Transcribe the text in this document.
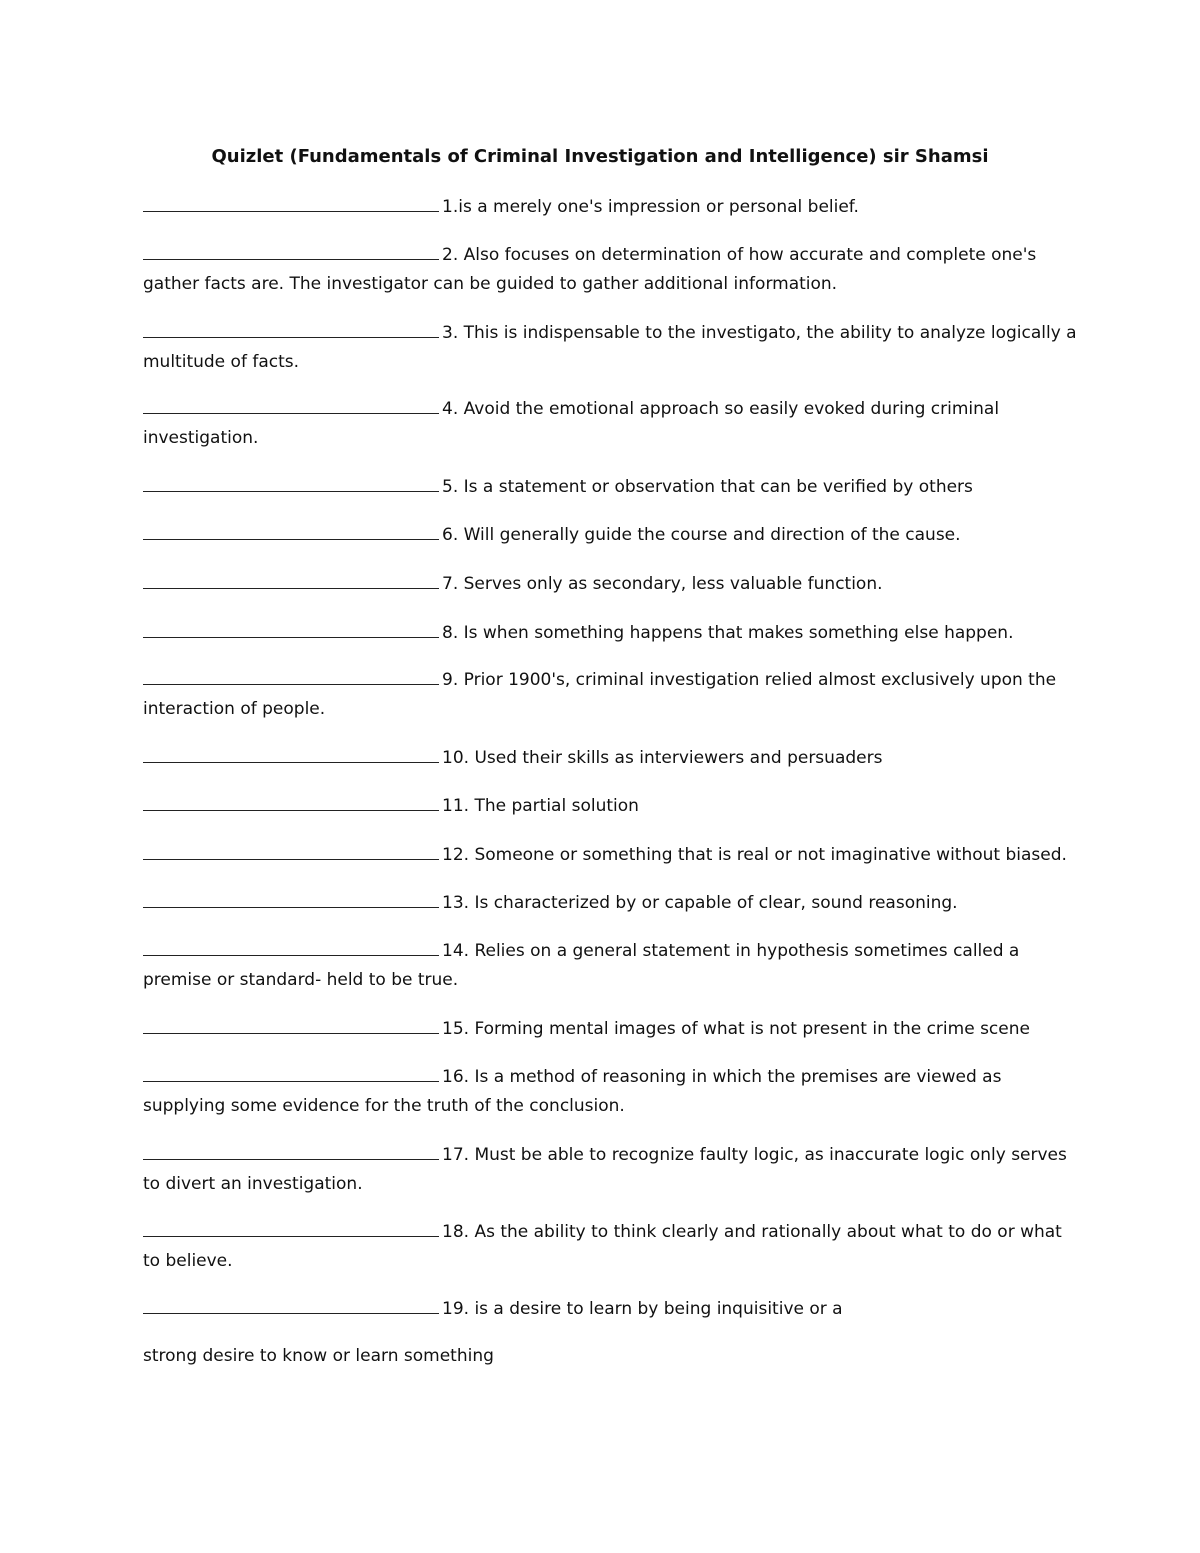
Quizlet (Fundamentals of Criminal Investigation and Intelligence) sir Shamsi

1.is a merely one's impression or personal belief.

2. Also focuses on determination of how accurate and complete one's
gather facts are. The investigator can be guided to gather additional information.

3. This is indispensable to the investigato, the ability to analyze logically a
multitude of facts.

4. Avoid the emotional approach so easily evoked during criminal
investigation.

5. Is a statement or observation that can be verified by others

6. Will generally guide the course and direction of the cause.

7. Serves only as secondary, less valuable function.

8. Is when something happens that makes something else happen.

9. Prior 1900's, criminal investigation relied almost exclusively upon the
interaction of people.

10. Used their skills as interviewers and persuaders

11. The partial solution

12. Someone or something that is real or not imaginative without biased.

13. Is characterized by or capable of clear, sound reasoning.

14. Relies on a general statement in hypothesis sometimes called a
premise or standard- held to be true.

15. Forming mental images of what is not present in the crime scene

16. Is a method of reasoning in which the premises are viewed as
supplying some evidence for the truth of the conclusion.

17. Must be able to recognize faulty logic, as inaccurate logic only serves
to divert an investigation.

18. As the ability to think clearly and rationally about what to do or what
to believe.

19. is a desire to learn by being inquisitive or a

strong desire to know or learn something
